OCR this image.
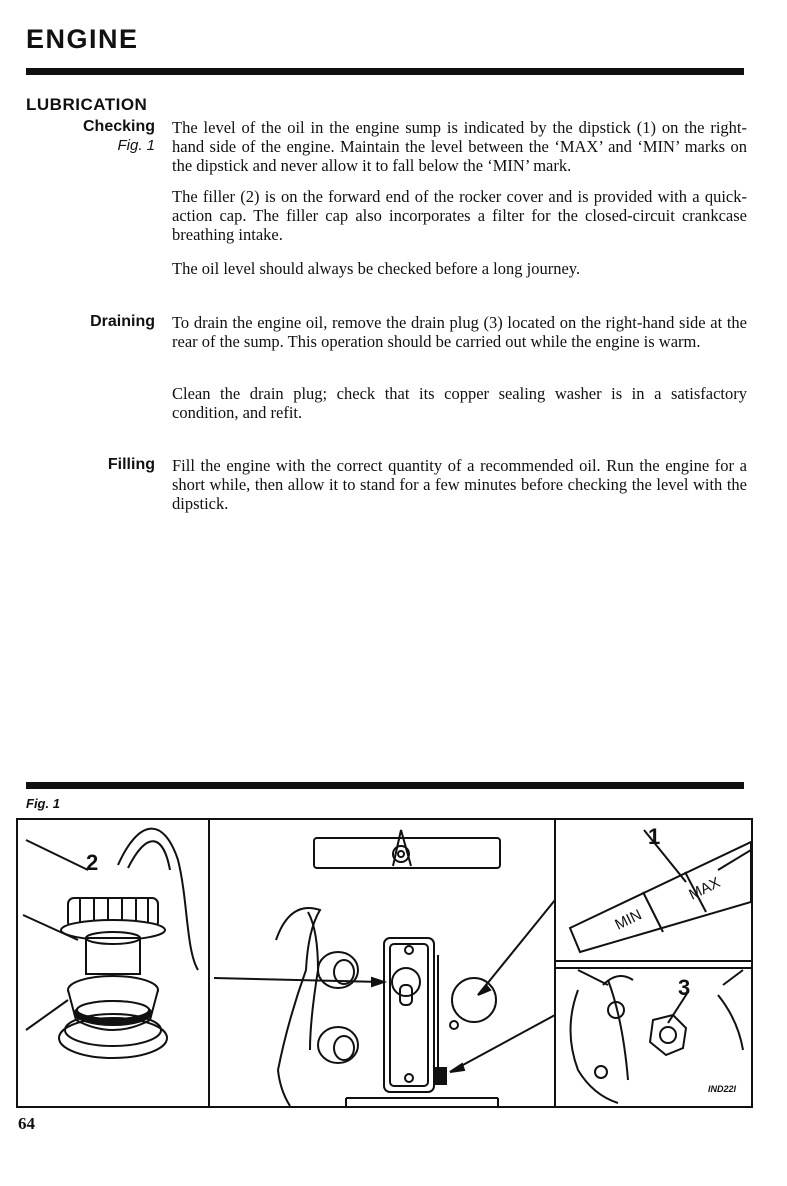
ENGINE
LUBRICATION
Checking
Fig. 1

The level of the oil in the engine sump is indicated by the dipstick (1) on the right-hand side of the engine. Maintain the level between the ‘MAX’ and ‘MIN’ marks on the dipstick and never allow it to fall below the ‘MIN’ mark.

The filler (2) is on the forward end of the rocker cover and is provided with a quick-action cap. The filler cap also incorporates a filter for the closed-circuit crankcase breathing intake.

The oil level should always be checked before a long journey.

Draining To drain the engine oil, remove the drain plug (3) located on the right-hand side at the rear of the sump. This operation should be carried out while the engine is warm.

Clean the drain plug; check that its copper sealing washer is in a satisfactory condition, and refit.

Filling Fill the engine with the correct quantity of a recommended oil. Run the engine for a short while, then allow it to stand for a few minutes before checking the level with the dipstick.

Fig. 1
2
MIN
MAX
1
3
IND22I
64
